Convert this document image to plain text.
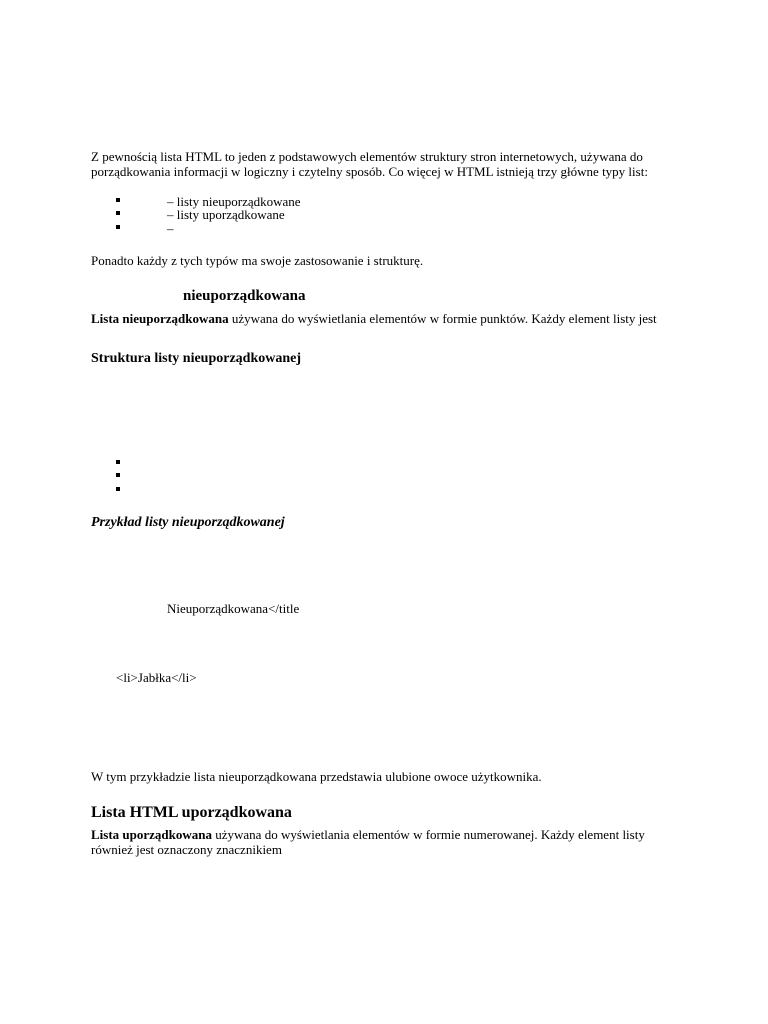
Z pewnością lista HTML to jeden z podstawowych elementów struktury stron internetowych, używana do
porządkowania informacji w logiczny i czytelny sposób. Co więcej w HTML istnieją trzy główne typy list:
– listy nieuporządkowane
– listy uporządkowane
–
Ponadto każdy z tych typów ma swoje zastosowanie i strukturę.
nieuporządkowana
Lista nieuporządkowana używana do wyświetlania elementów w formie punktów. Każdy element listy jest
Struktura listy nieuporządkowanej
Przykład listy nieuporządkowanej
Nieuporządkowana</title
<li>Jabłka</li>
W tym przykładzie lista nieuporządkowana przedstawia ulubione owoce użytkownika.
Lista HTML uporządkowana
Lista uporządkowana używana do wyświetlania elementów w formie numerowanej. Każdy element listy
również jest oznaczony znacznikiem
